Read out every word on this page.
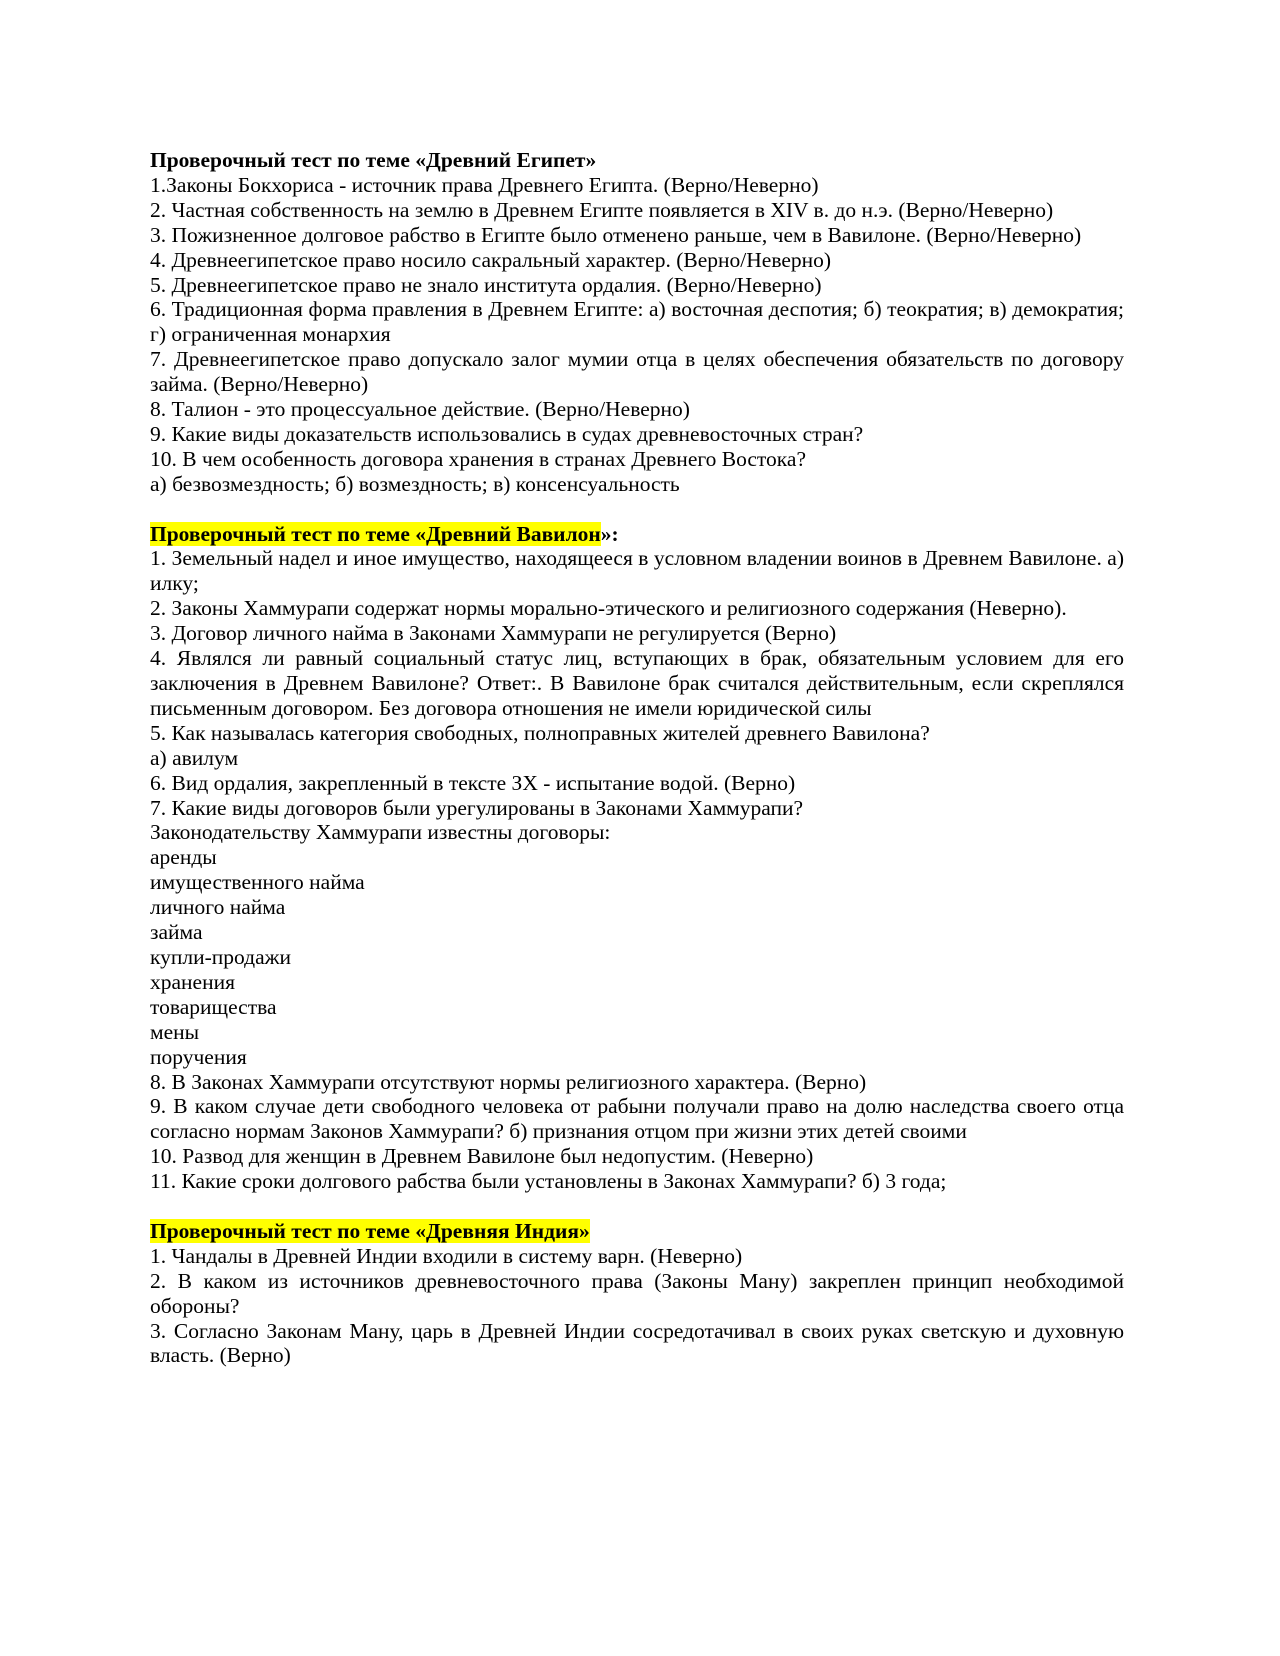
Проверочный тест по теме «Древний Египет»

1.Законы Бокхориса - источник права Древнего Египта. (Верно/Неверно)

2. Частная собственность на землю в Древнем Египте появляется в XIV в. до н.э. (Верно/Неверно)

3. Пожизненное долговое рабство в Египте было отменено раньше, чем в Вавилоне. (Верно/Неверно)

4. Древнеегипетское право носило сакральный характер. (Верно/Неверно)

5. Древнеегипетское право не знало института ордалия. (Верно/Неверно)

6. Традиционная форма правления в Древнем Египте: а) восточная деспотия; б) теократия; в) демократия; г) ограниченная монархия

7. Древнеегипетское право допускало залог мумии отца в целях обеспечения обязательств по договору займа. (Верно/Неверно)

8. Талион - это процессуальное действие. (Верно/Неверно)

9. Какие виды доказательств использовались в судах древневосточных стран?

10. В чем особенность договора хранения в странах Древнего Востока?

а) безвозмездность; б) возмездность; в) консенсуальность

Проверочный тест по теме «Древний Вавилон»:

1. Земельный надел и иное имущество, находящееся в условном владении воинов в Древнем Вавилоне. а) илку;

2. Законы Хаммурапи содержат нормы морально-этического и религиозного содержания (Неверно).

3. Договор личного найма в Законами Хаммурапи не регулируется (Верно)

4. Являлся ли равный социальный статус лиц, вступающих в брак, обязательным условием для его заключения в Древнем Вавилоне? Ответ:. В Вавилоне брак считался действительным, если скреплялся письменным договором. Без договора отношения не имели юридической силы

5. Как называлась категория свободных, полноправных жителей древнего Вавилона?

а) авилум

6. Вид ордалия, закрепленный в тексте ЗХ - испытание водой. (Верно)

7. Какие виды договоров были урегулированы в Законами Хаммурапи?

Законодательству Хаммурапи известны договоры:

аренды

имущественного найма

личного найма

займа

купли-продажи

хранения

товарищества

мены

поручения

8. В Законах Хаммурапи отсутствуют нормы религиозного характера. (Верно)

9. В каком случае дети свободного человека от рабыни получали право на долю наследства своего отца согласно нормам Законов Хаммурапи? б) признания отцом при жизни этих детей своими

10. Развод для женщин в Древнем Вавилоне был недопустим. (Неверно)

11. Какие сроки долгового рабства были установлены в Законах Хаммурапи? б) 3 года;

Проверочный тест по теме «Древняя Индия»

1. Чандалы в Древней Индии входили в систему варн. (Неверно)

2. В каком из источников древневосточного права (Законы Ману) закреплен принцип необходимой обороны?

3. Согласно Законам Ману, царь в Древней Индии сосредотачивал в своих руках светскую и духовную власть. (Верно)
